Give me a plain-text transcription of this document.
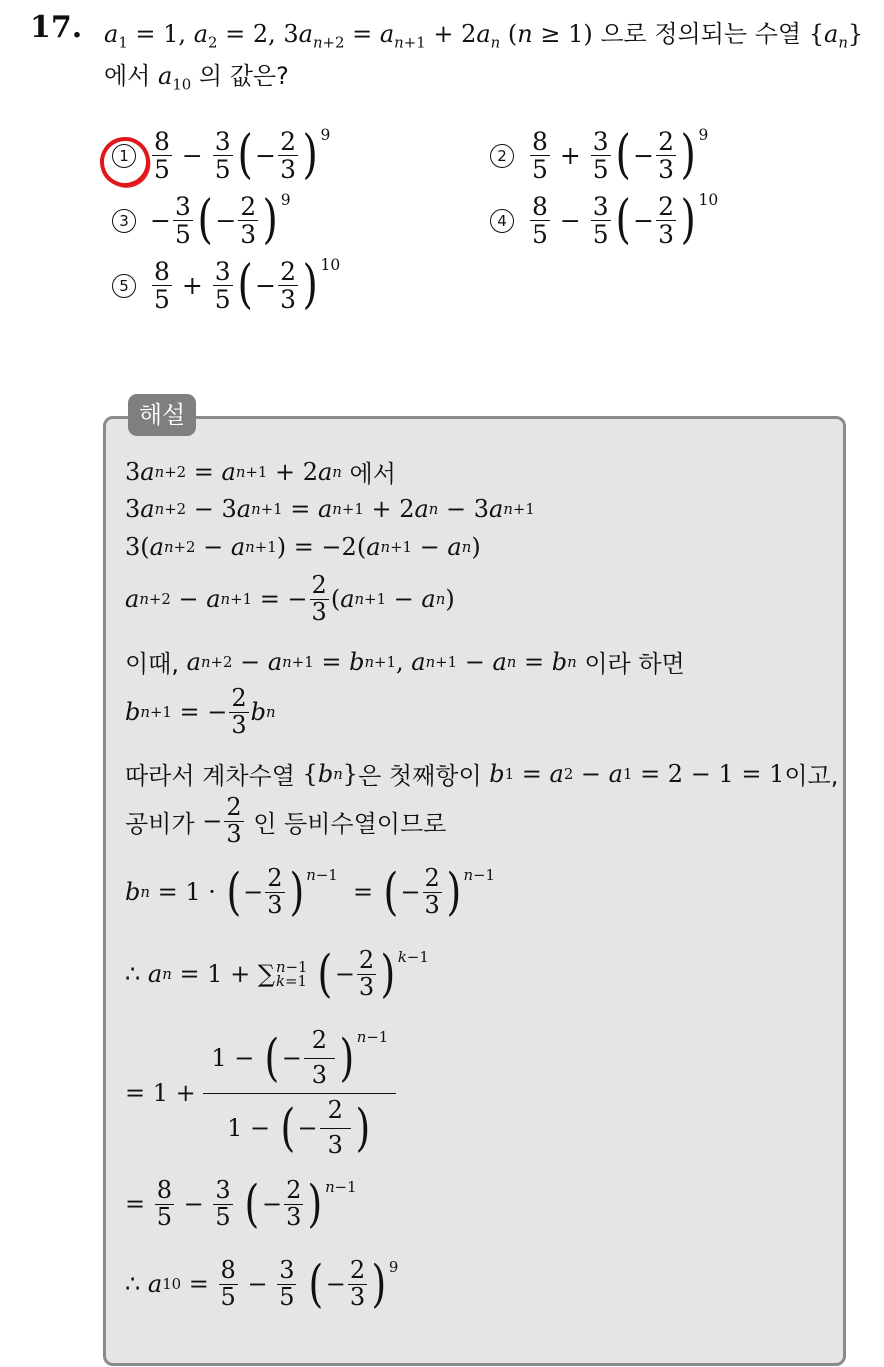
17. $a_1 = 1$, $a_2 = 2$, $3a_{n+2} = a_{n+1} + 2a_n$ (n ≥ 1) 으로 정의되는 수열 $\{a_n\}$
에서 $a_{10}$ 의 값은?
$1 \frac{8}{5} - \frac{3}{5}$ ( − $\frac{2}{3}$ ) 9
$2 \frac{8}{5} + \frac{3}{5}$ ( − $\frac{2}{3}$ ) 9
$3 - \frac{3}{5}$ ( − $\frac{2}{3}$ ) 9
$4 \frac{8}{5} - \frac{3}{5}$ ( − $\frac{2}{3}$ ) 10
$5 \frac{8}{5} + \frac{3}{5}$ ( − $\frac{2}{3}$ ) 10
해설
3 a n+2 = a n+1 + 2 a n
에서
3 a n+2 − 3 a n+1 = a n+1 + 2 a n − 3 a n+1
3( a n+2 − a n+1 ) = −2( a n+1 − a n )
a n+2 − a n+1 = − $\frac{2}{3}$ ( a n+1 − a n )
이때,
a n+2 − a n+1 = b n+1 , a n+1 − a n = b n
이라 하면
b n+1 = − $\frac{2}{3}$ b n
따라서 계차수열 { b n } 은 첫째항이
b 1 = a 2 − a 1 = 2 − 1 = 1 이고,
공비가 − $\frac{2}{3}$
인 등비수열이므로
b n = 1 · ( − $\frac{2}{3}$ ) n−1
= ( − $\frac{2}{3}$ ) n−1
∴ a n = 1 + ∑ n−1
k=1
( − $\frac{2}{3}$ ) k−1
= $1 + \frac{1 - ( - \frac{2}{3} ) n-1}{1 - ( - \frac{2}{3} )}$
= $\frac{8}{5} - \frac{3}{5}$
( − $\frac{2}{3}$ ) n−1
∴ a $10 = \frac{8}{5} - \frac{3}{5}$
( − $\frac{2}{3}$ ) 9
